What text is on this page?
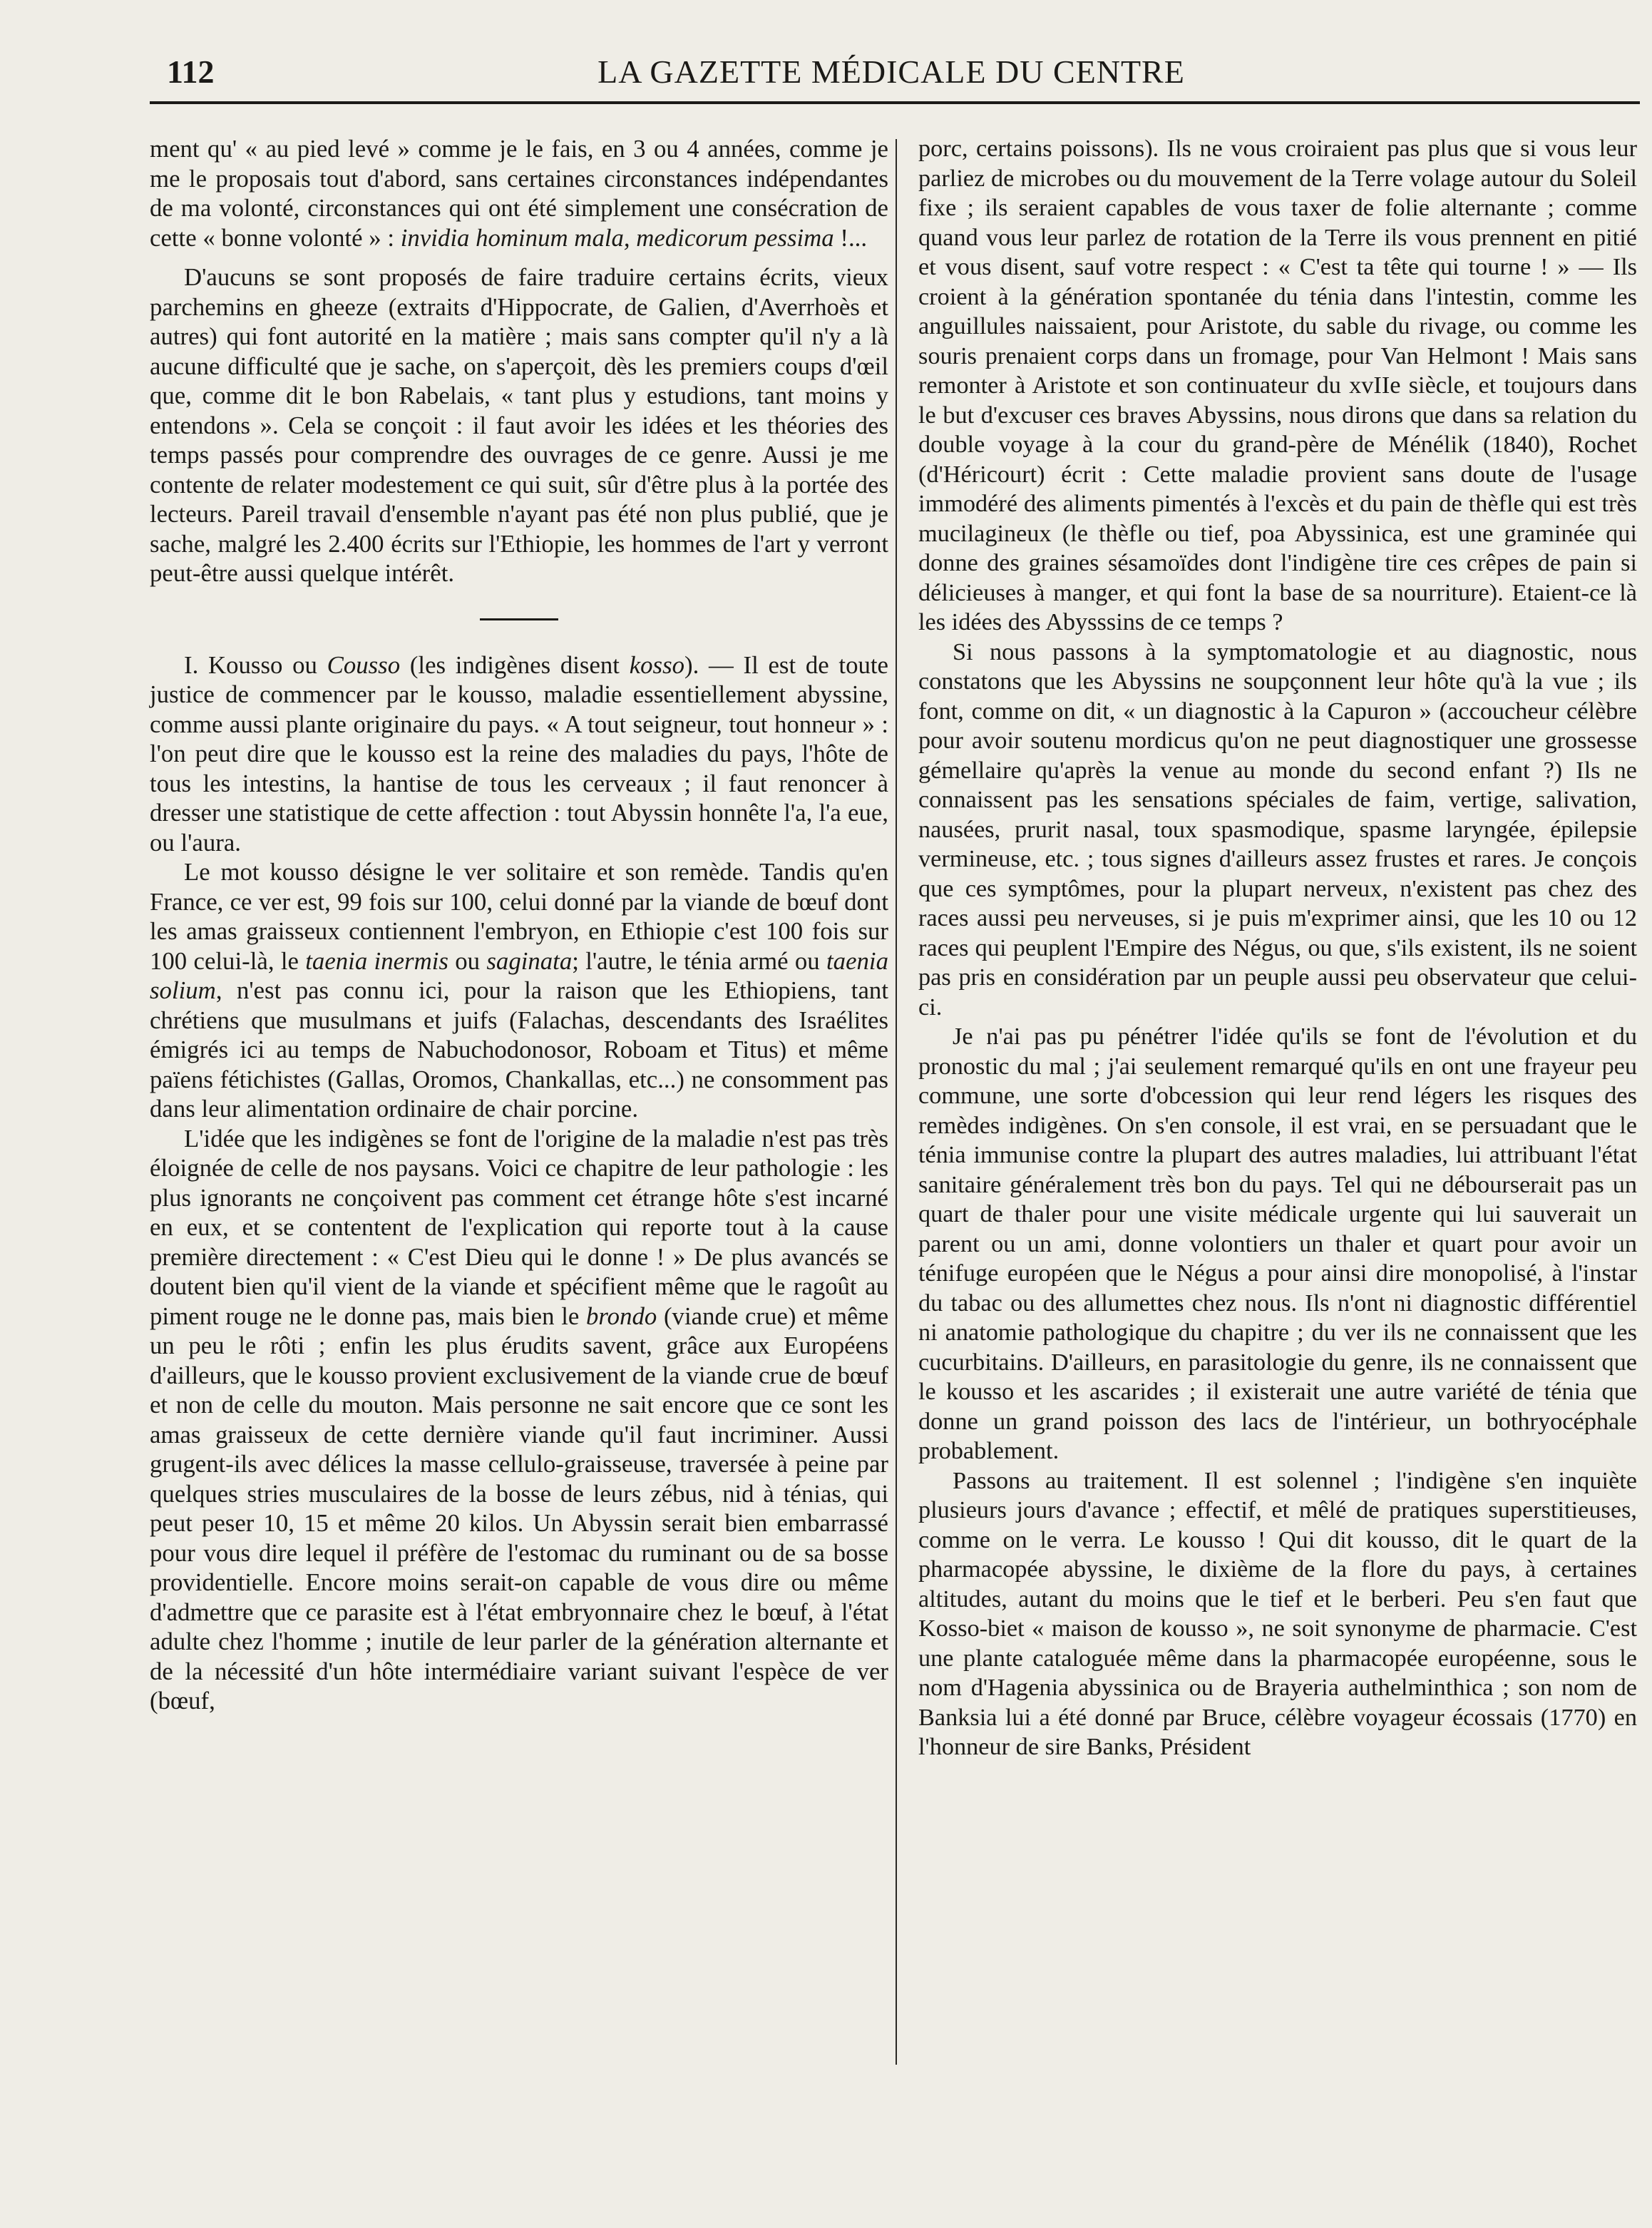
112	LA GAZETTE MÉDICALE DU CENTRE

ment qu' « au pied levé » comme je le fais, en 3 ou 4 années, comme je me le proposais tout d'abord, sans certaines circonstances indépendantes de ma volonté, circonstances qui ont été simplement une consécration de cette « bonne volonté » : invidia hominum mala, medicorum pessima !...

D'aucuns se sont proposés de faire traduire certains écrits, vieux parchemins en gheeze (extraits d'Hippocrate, de Galien, d'Averrhoès et autres) qui font autorité en la matière ; mais sans compter qu'il n'y a là aucune difficulté que je sache, on s'aperçoit, dès les premiers coups d'œil que, comme dit le bon Rabelais, « tant plus y estudions, tant moins y entendons ». Cela se conçoit : il faut avoir les idées et les théories des temps passés pour comprendre des ouvrages de ce genre. Aussi je me contente de relater modestement ce qui suit, sûr d'être plus à la portée des lecteurs. Pareil travail d'ensemble n'ayant pas été non plus publié, que je sache, malgré les 2.400 écrits sur l'Ethiopie, les hommes de l'art y verront peut-être aussi quelque intérêt.

I. Kousso ou Cousso (les indigènes disent kosso). — Il est de toute justice de commencer par le kousso, maladie essentiellement abyssine, comme aussi plante originaire du pays. « A tout seigneur, tout honneur » : l'on peut dire que le kousso est la reine des maladies du pays, l'hôte de tous les intestins, la hantise de tous les cerveaux ; il faut renoncer à dresser une statistique de cette affection : tout Abyssin honnête l'a, l'a eue, ou l'aura.

Le mot kousso désigne le ver solitaire et son remède. Tandis qu'en France, ce ver est, 99 fois sur 100, celui donné par la viande de bœuf dont les amas graisseux contiennent l'embryon, en Ethiopie c'est 100 fois sur 100 celui-là, le taenia inermis ou saginata; l'autre, le ténia armé ou taenia solium, n'est pas connu ici, pour la raison que les Ethiopiens, tant chrétiens que musulmans et juifs (Falachas, descendants des Israélites émigrés ici au temps de Nabuchodonosor, Roboam et Titus) et même païens fétichistes (Gallas, Oromos, Chankallas, etc...) ne consomment pas dans leur alimentation ordinaire de chair porcine.

L'idée que les indigènes se font de l'origine de la maladie n'est pas très éloignée de celle de nos paysans. Voici ce chapitre de leur pathologie : les plus ignorants ne conçoivent pas comment cet étrange hôte s'est incarné en eux, et se contentent de l'explication qui reporte tout à la cause première directement : « C'est Dieu qui le donne ! » De plus avancés se doutent bien qu'il vient de la viande et spécifient même que le ragoût au piment rouge ne le donne pas, mais bien le brondo (viande crue) et même un peu le rôti ; enfin les plus érudits savent, grâce aux Européens d'ailleurs, que le kousso provient exclusivement de la viande crue de bœuf et non de celle du mouton. Mais personne ne sait encore que ce sont les amas graisseux de cette dernière viande qu'il faut incriminer. Aussi grugent-ils avec délices la masse cellulo-graisseuse, traversée à peine par quelques stries musculaires de la bosse de leurs zébus, nid à ténias, qui peut peser 10, 15 et même 20 kilos. Un Abyssin serait bien embarrassé pour vous dire lequel il préfère de l'estomac du ruminant ou de sa bosse providentielle. Encore moins serait-on capable de vous dire ou même d'admettre que ce parasite est à l'état embryonnaire chez le bœuf, à l'état adulte chez l'homme ; inutile de leur parler de la génération alternante et de la nécessité d'un hôte intermédiaire variant suivant l'espèce de ver (bœuf,

porc, certains poissons). Ils ne vous croiraient pas plus que si vous leur parliez de microbes ou du mouvement de la Terre volage autour du Soleil fixe ; ils seraient capables de vous taxer de folie alternante ; comme quand vous leur parlez de rotation de la Terre ils vous prennent en pitié et vous disent, sauf votre respect : « C'est ta tête qui tourne ! » — Ils croient à la génération spontanée du ténia dans l'intestin, comme les anguillules naissaient, pour Aristote, du sable du rivage, ou comme les souris prenaient corps dans un fromage, pour Van Helmont ! Mais sans remonter à Aristote et son continuateur du xvIIe siècle, et toujours dans le but d'excuser ces braves Abyssins, nous dirons que dans sa relation du double voyage à la cour du grand-père de Ménélik (1840), Rochet (d'Héricourt) écrit : Cette maladie provient sans doute de l'usage immodéré des aliments pimentés à l'excès et du pain de thèfle qui est très mucilagineux (le thèfle ou tief, poa Abyssinica, est une graminée qui donne des graines sésamoïdes dont l'indigène tire ces crêpes de pain si délicieuses à manger, et qui font la base de sa nourriture). Etaient-ce là les idées des Abysssins de ce temps ?

Si nous passons à la symptomatologie et au diagnostic, nous constatons que les Abyssins ne soupçonnent leur hôte qu'à la vue ; ils font, comme on dit, « un diagnostic à la Capuron » (accoucheur célèbre pour avoir soutenu mordicus qu'on ne peut diagnostiquer une grossesse gémellaire qu'après la venue au monde du second enfant ?) Ils ne connaissent pas les sensations spéciales de faim, vertige, salivation, nausées, prurit nasal, toux spasmodique, spasme laryngée, épilepsie vermineuse, etc. ; tous signes d'ailleurs assez frustes et rares. Je conçois que ces symptômes, pour la plupart nerveux, n'existent pas chez des races aussi peu nerveuses, si je puis m'exprimer ainsi, que les 10 ou 12 races qui peuplent l'Empire des Négus, ou que, s'ils existent, ils ne soient pas pris en considération par un peuple aussi peu observateur que celui-ci.

Je n'ai pas pu pénétrer l'idée qu'ils se font de l'évolution et du pronostic du mal ; j'ai seulement remarqué qu'ils en ont une frayeur peu commune, une sorte d'obcession qui leur rend légers les risques des remèdes indigènes. On s'en console, il est vrai, en se persuadant que le ténia immunise contre la plupart des autres maladies, lui attribuant l'état sanitaire généralement très bon du pays. Tel qui ne débourserait pas un quart de thaler pour une visite médicale urgente qui lui sauverait un parent ou un ami, donne volontiers un thaler et quart pour avoir un ténifuge européen que le Négus a pour ainsi dire monopolisé, à l'instar du tabac ou des allumettes chez nous. Ils n'ont ni diagnostic différentiel ni anatomie pathologique du chapitre ; du ver ils ne connaissent que les cucurbitains. D'ailleurs, en parasitologie du genre, ils ne connaissent que le kousso et les ascarides ; il existerait une autre variété de ténia que donne un grand poisson des lacs de l'intérieur, un bothryocéphale probablement.

Passons au traitement. Il est solennel ; l'indigène s'en inquiète plusieurs jours d'avance ; effectif, et mêlé de pratiques superstitieuses, comme on le verra. Le kousso ! Qui dit kousso, dit le quart de la pharmacopée abyssine, le dixième de la flore du pays, à certaines altitudes, autant du moins que le tief et le berberi. Peu s'en faut que Kosso-biet « maison de kousso », ne soit synonyme de pharmacie. C'est une plante cataloguée même dans la pharmacopée européenne, sous le nom d'Hagenia abyssinica ou de Brayeria authelminthica ; son nom de Banksia lui a été donné par Bruce, célèbre voyageur écossais (1770) en l'honneur de sire Banks, Président
